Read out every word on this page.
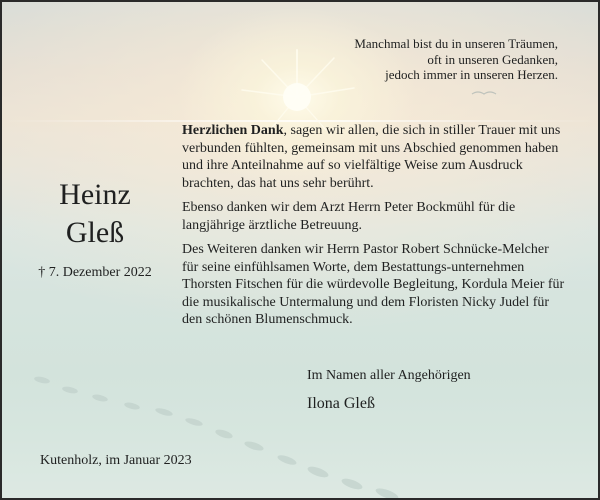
Manchmal bist du in unseren Träumen,
oft in unseren Gedanken,
jedoch immer in unseren Herzen.
Heinz
Gleß
† 7. Dezember 2022

Herzlichen Dank, sagen wir allen, die sich in stiller Trauer mit uns verbunden fühlten, gemeinsam mit uns Abschied genommen haben und ihre Anteilnahme auf so vielfältige Weise zum Ausdruck brachten, das hat uns sehr berührt.

Ebenso danken wir dem Arzt Herrn Peter Bockmühl für die langjährige ärztliche Betreuung.

Des Weiteren danken wir Herrn Pastor Robert Schnücke-Melcher für seine einfühlsamen Worte, dem Bestattungs-unternehmen Thorsten Fitschen für die würdevolle Begleitung, Kordula Meier für die musikalische Untermalung und dem Floristen Nicky Judel für den schönen Blumenschmuck.

Im Namen aller Angehörigen
Ilona Gleß
Kutenholz, im Januar 2023
